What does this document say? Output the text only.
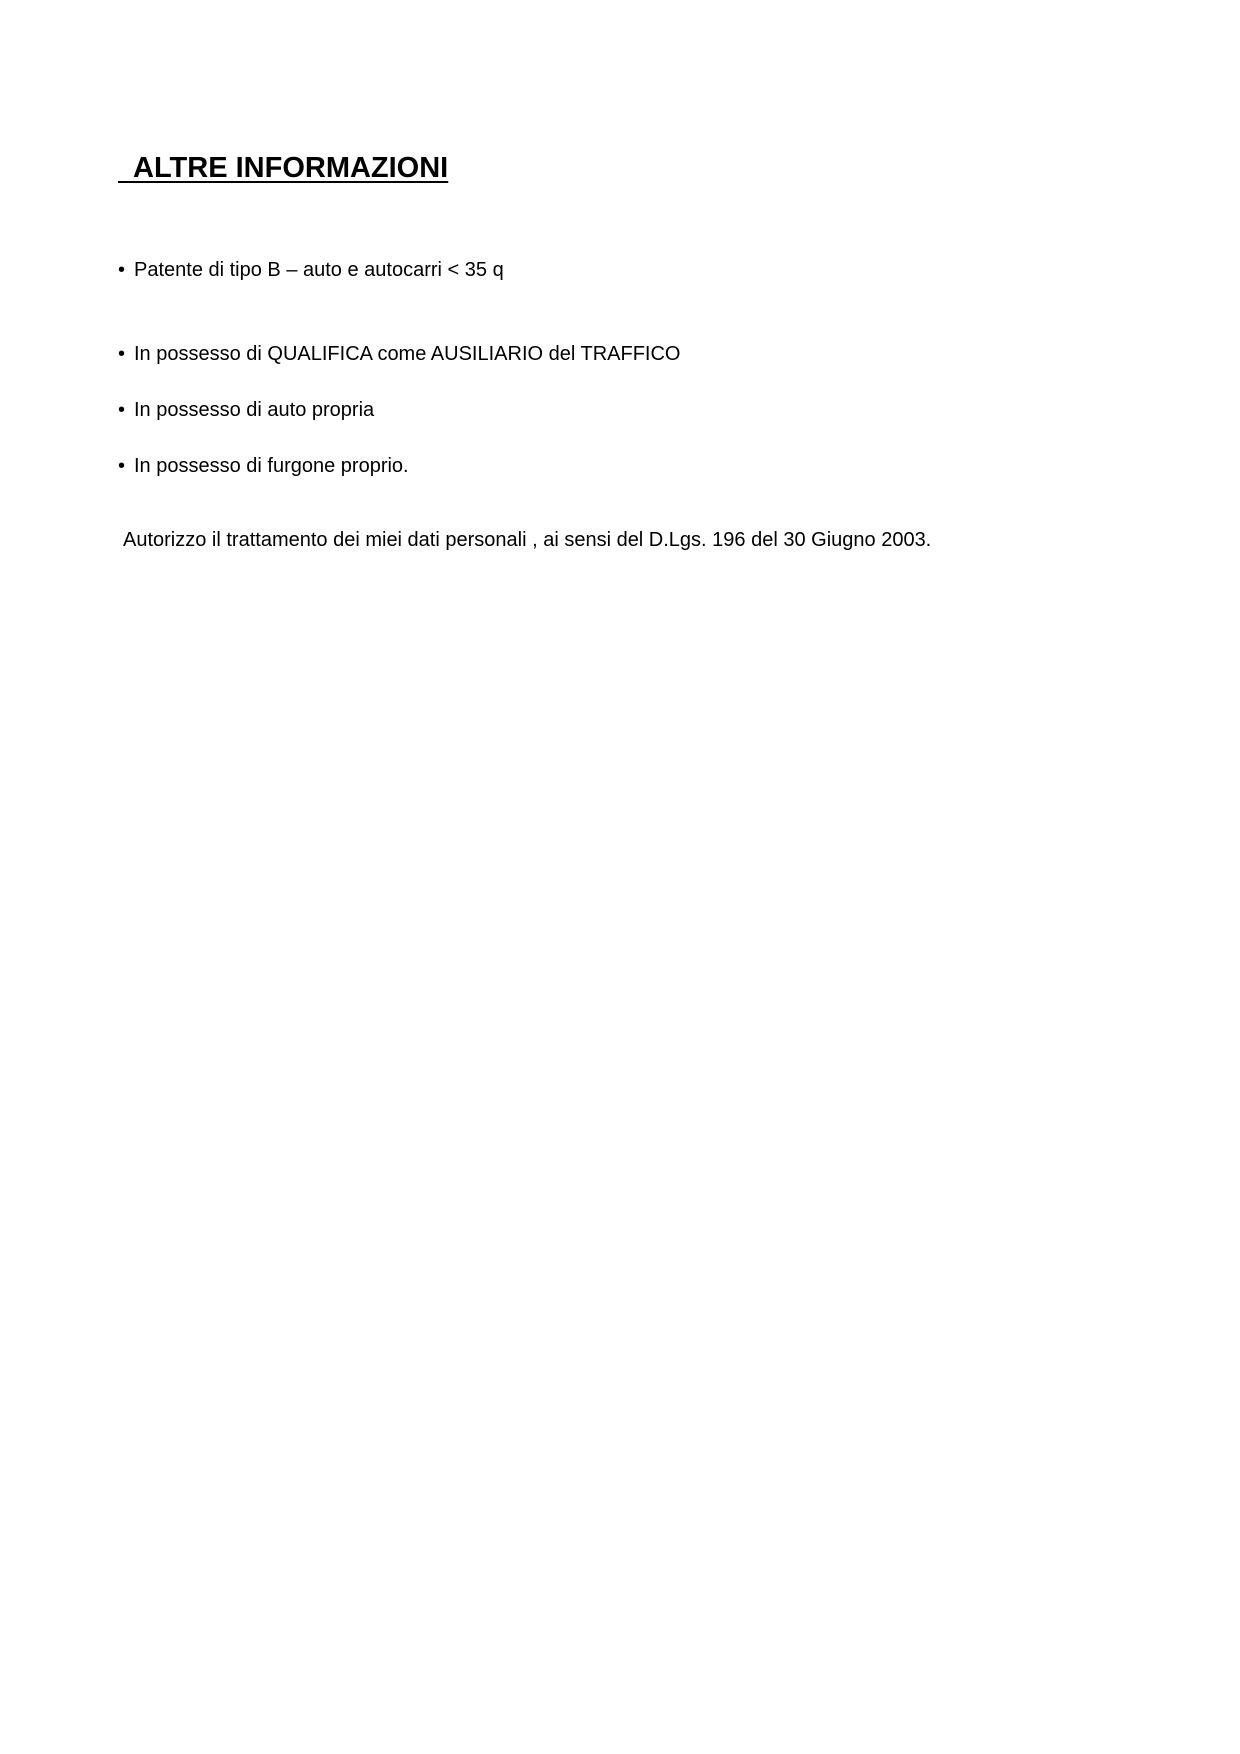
ALTRE INFORMAZIONI

• Patente di tipo B – auto e autocarri < 35 q

• In possesso di QUALIFICA come AUSILIARIO del TRAFFICO

• In possesso di auto propria

• In possesso di furgone proprio.

Autorizzo il trattamento dei miei dati personali , ai sensi del D.Lgs. 196 del 30 Giugno 2003.
